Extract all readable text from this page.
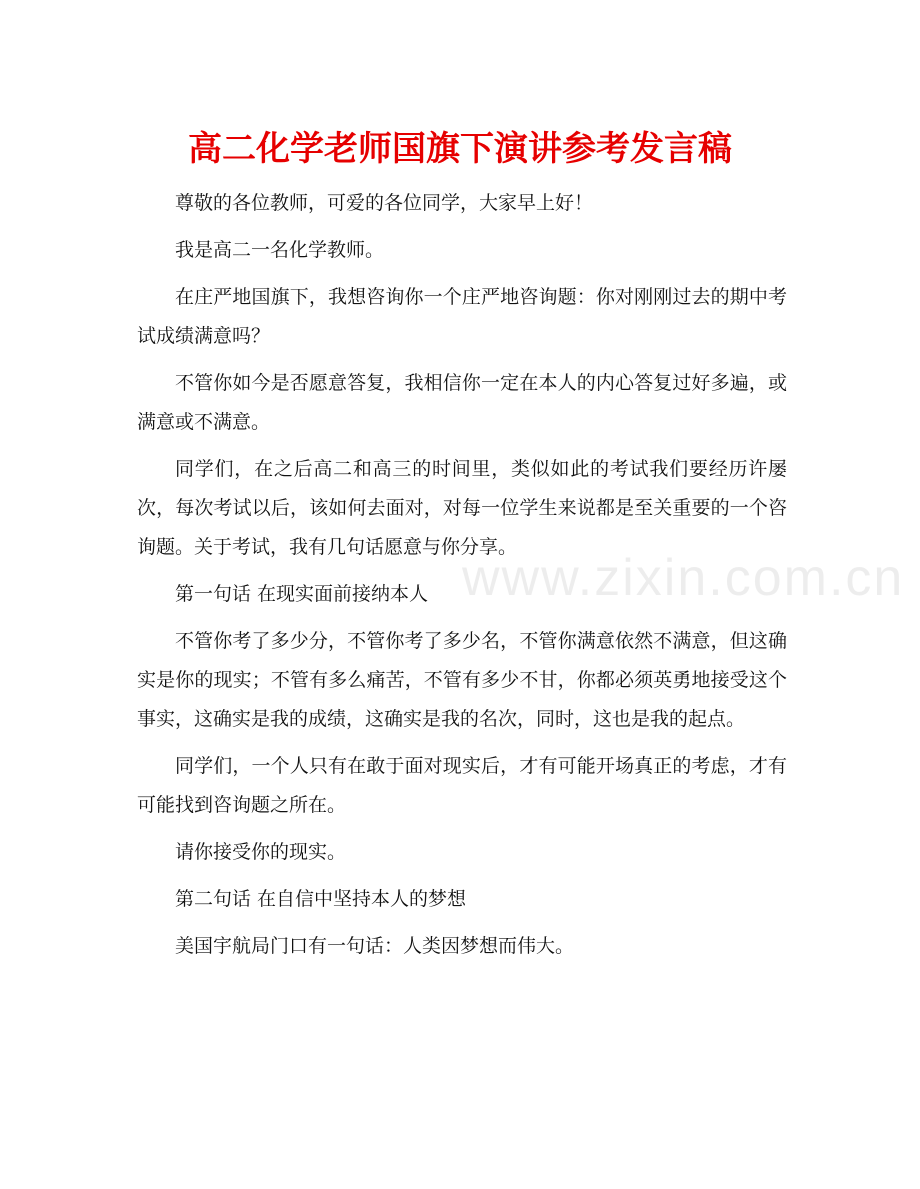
高二化学老师国旗下演讲参考发言稿
www.zixin.com.cn

尊敬的各位教师，可爱的各位同学，大家早上好！

我是高二一名化学教师。

在庄严地国旗下，我想咨询你一个庄严地咨询题：你对刚刚过去的期中考试成绩满意吗？

不管你如今是否愿意答复，我相信你一定在本人的内心答复过好多遍，或满意或不满意。

同学们，在之后高二和高三的时间里，类似如此的考试我们要经历许屡次，每次考试以后，该如何去面对，对每一位学生来说都是至关重要的一个咨询题。关于考试，我有几句话愿意与你分享。

第一句话 在现实面前接纳本人

不管你考了多少分，不管你考了多少名，不管你满意依然不满意，但这确实是你的现实；不管有多么痛苦，不管有多少不甘，你都必须英勇地接受这个事实，这确实是我的成绩，这确实是我的名次，同时，这也是我的起点。

同学们，一个人只有在敢于面对现实后，才有可能开场真正的考虑，才有可能找到咨询题之所在。

请你接受你的现实。

第二句话 在自信中坚持本人的梦想

美国宇航局门口有一句话：人类因梦想而伟大。
